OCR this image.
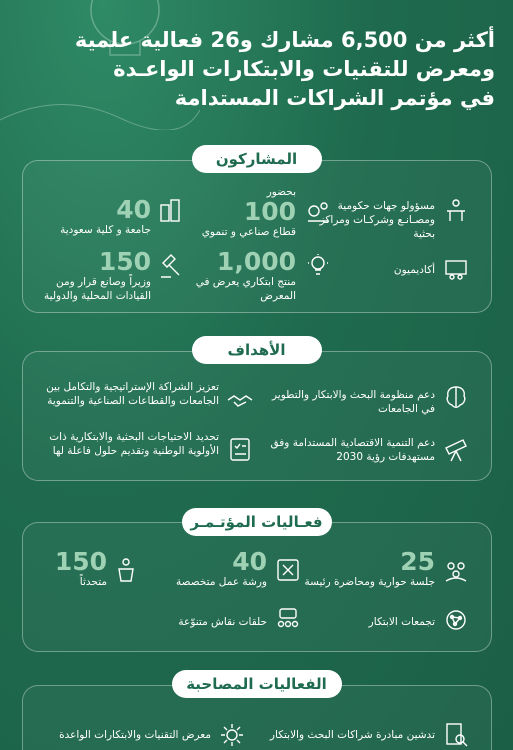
أكثر من 6,500 مشارك و26 فعالية علمية
ومعرض للتقنيات والابتكارات الواعـدة
في مؤتمر الشراكات المستدامة
المشاركون
مسؤولو جهات حكومية ومصـانـع وشركـات ومراكز بحثية
أكاديميون
بحضور
100
قطاع صناعي و تنموي
1,000
منتج ابتكاري يعرض في المعرض
40
جامعة و كلية سعودية
150
وزيراً وصانع قرار ومن القيادات المحلية والدولية
الأهداف
دعم منظومة البحث والابتكار والتطوير في الجامعات
دعم التنمية الاقتصادية المستدامة وفق مستهدفات رؤية 2030
تعزيز الشراكة الإستراتيجية والتكامل بين الجامعات والقطاعات الصناعية والتنموية
تحديد الاحتياجات البحثية والابتكارية ذات الأولوية الوطنية وتقديم حلول فاعلة لها
فعـاليات المؤتـمـر
25
جلسة حوارية ومحاضرة رئيسة
تجمعات الابتكار
40
ورشة عمل متخصصة
حلقات نقاش متنوّعة
150
متحدثاً
الفعاليات المصاحبة
تدشين مبادرة شراكات البحث والابتكار
معرض التقنيات والابتكارات الواعدة
